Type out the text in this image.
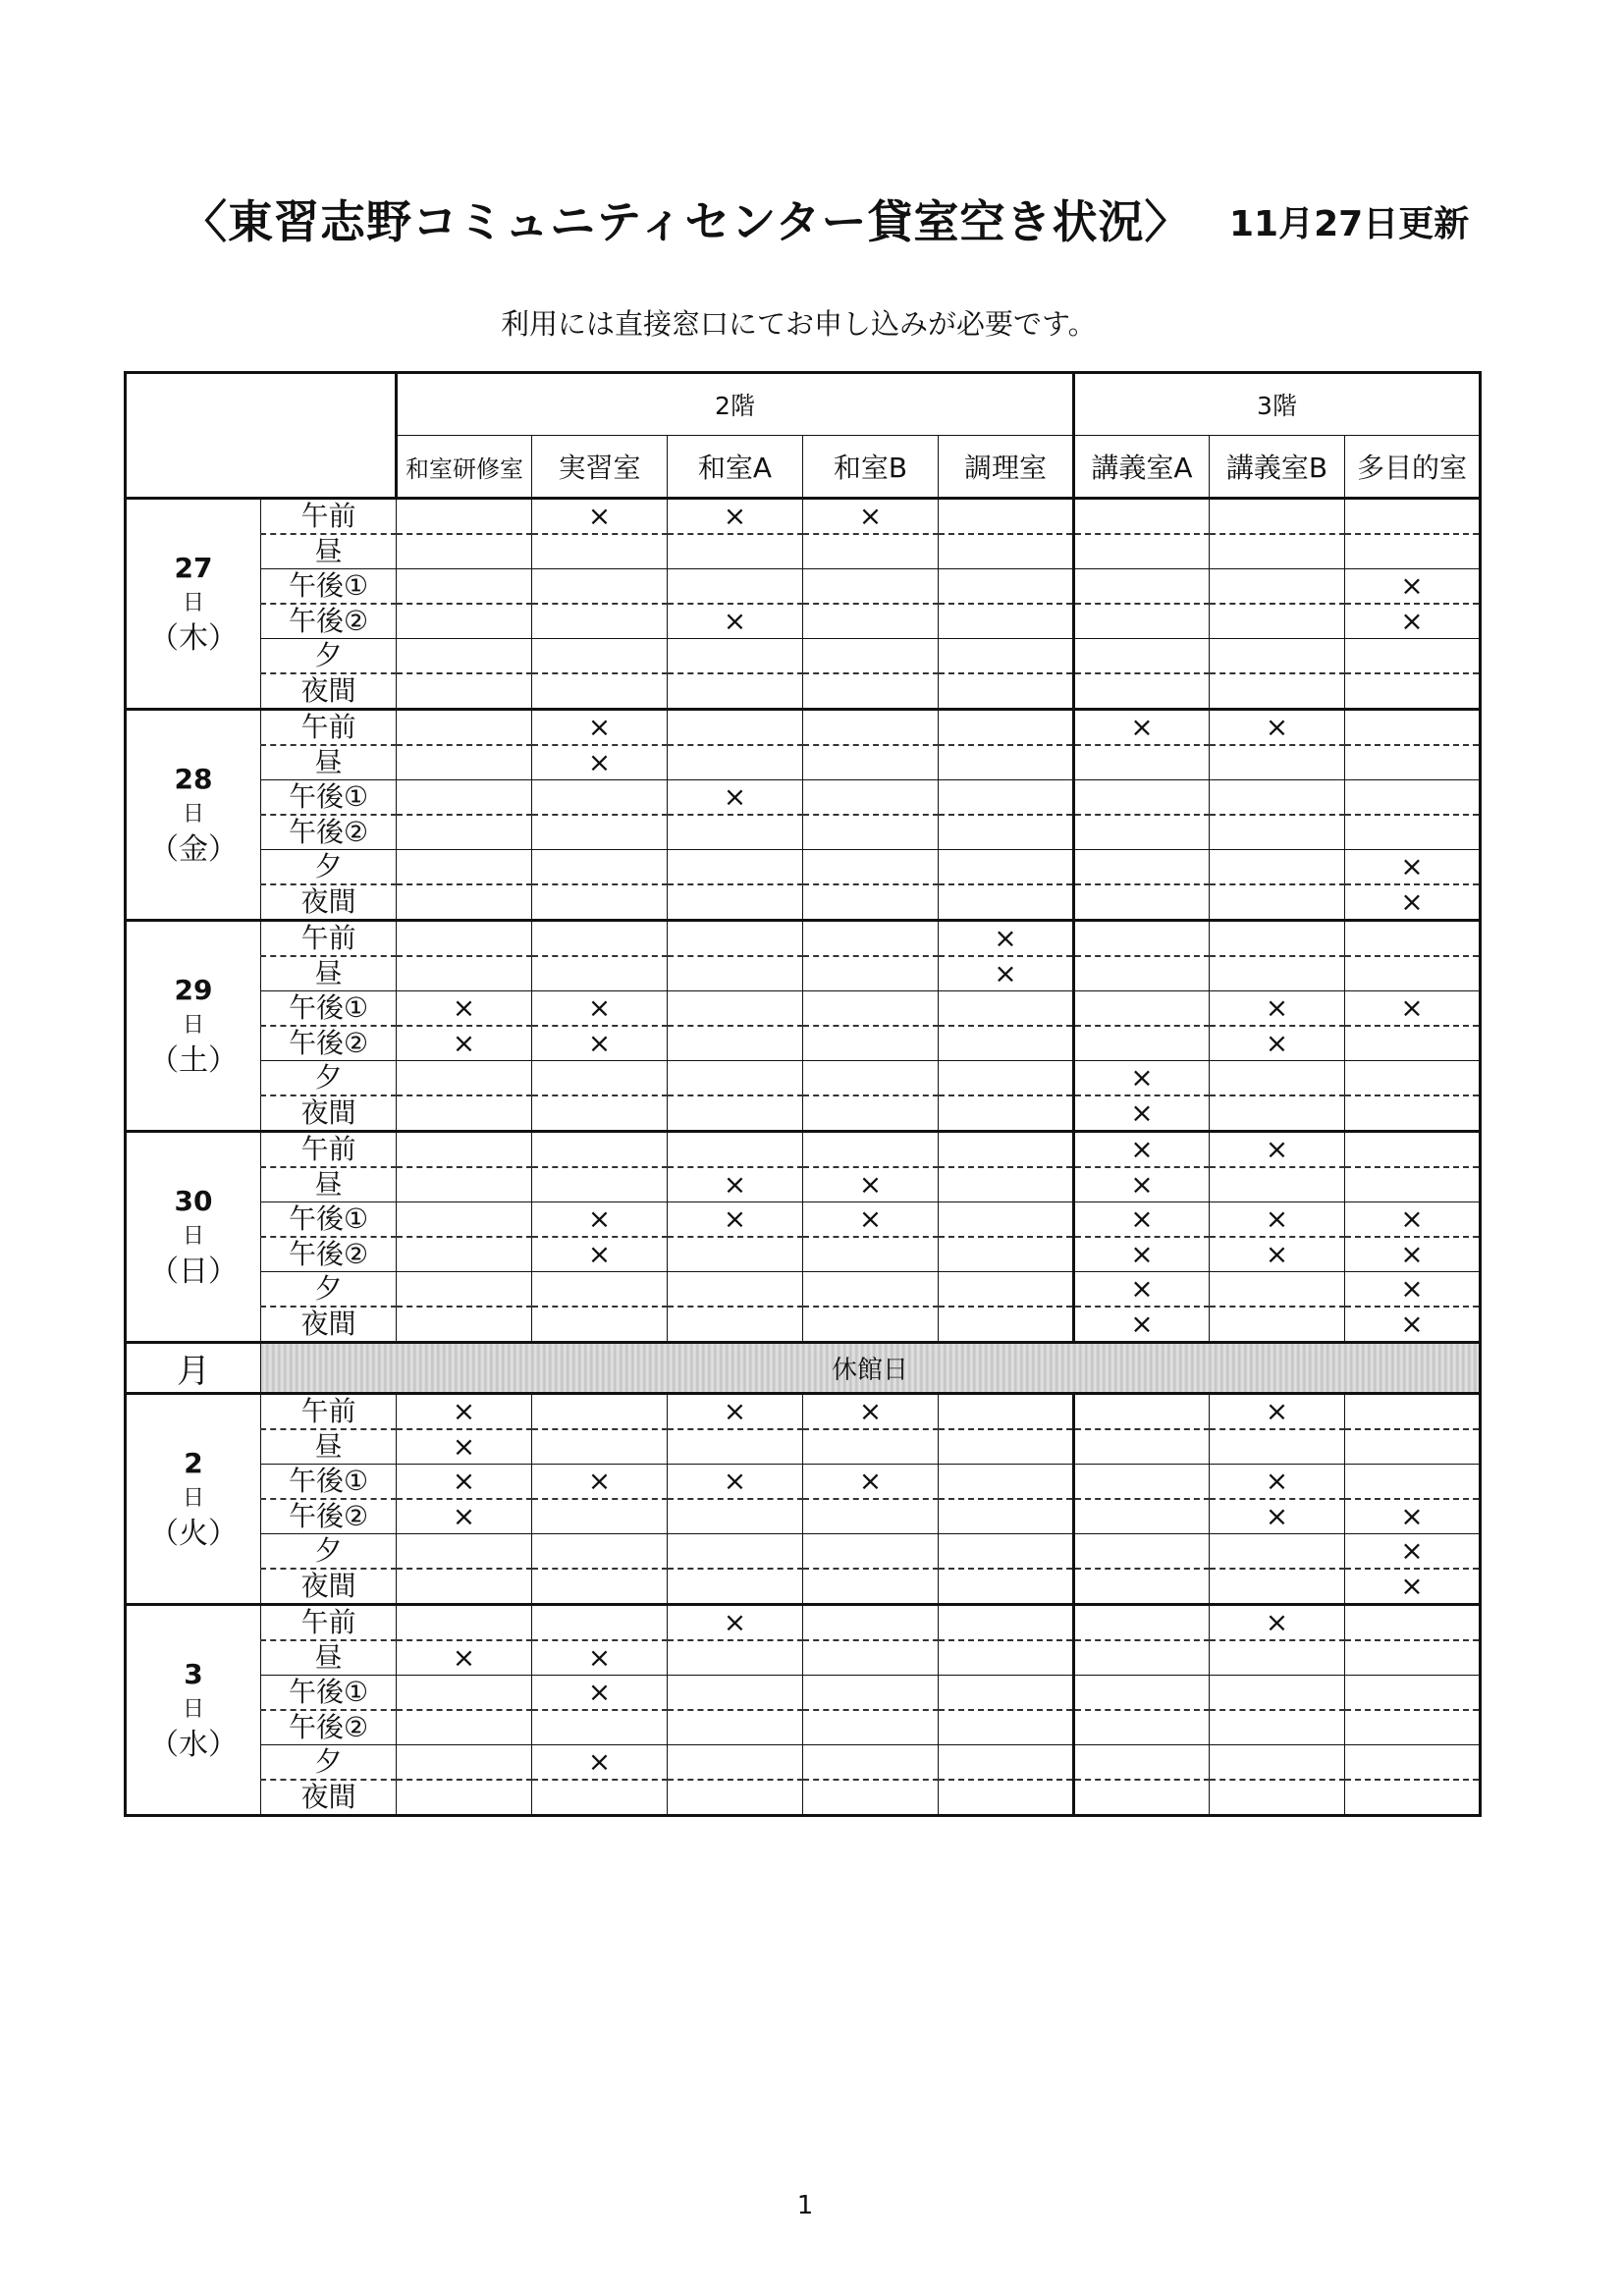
〈東習志野コミュニティセンター貸室空き状況〉 11月27日更新
利用には直接窓口にてお申し込みが必要です。
		2階					3階		
		和室研修室	実習室	和室A	和室B	調理室	講義室A	講義室B	多目的室

27
日
（木）	午前		×	×	×				
	昼								
	午後①								×
	午後②			×					×
	夕								
	夜間								

28
日
（金）	午前		×				×	×	
	昼		×						
	午後①			×					
	午後②								
	夕								×
	夜間								×

29
日
（土）	午前					×			
	昼					×			
	午後①	×	×					×	×
	午後②	×	×					×	
	夕						×		
	夜間						×		

30
日
（日）	午前						×	×	
	昼			×	×		×		
	午後①		×	×	×		×	×	×
	午後②		×				×	×	×
	夕						×		×
	夜間						×		×
月	休館日								

2
日
（火）	午前	×		×	×			×	
	昼	×							
	午後①	×	×	×	×			×	
	午後②	×						×	×
	夕								×
	夜間								×

3
日
（水）	午前			×				×	
	昼	×	×						
	午後①		×						
	午後②								
	夕		×						
	夜間								
1
